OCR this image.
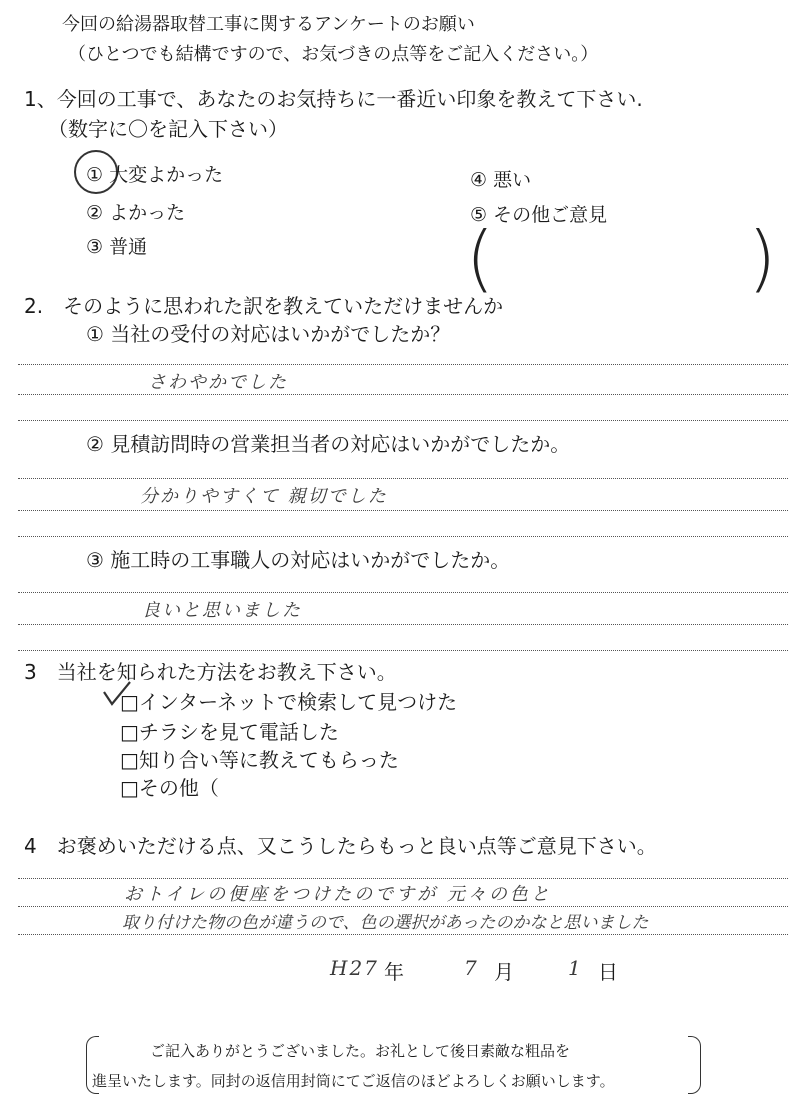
今回の給湯器取替工事に関するアンケートのお願い
（ひとつでも結構ですので、お気づきの点等をご記入ください。）
1、今回の工事で、あなたのお気持ちに一番近い印象を教えて下さい.
（数字に〇を記入下さい）
① 大変よかった
② よかった
③ 普通
④ 悪い
⑤ その他ご意見
(	)
2.　そのように思われた訳を教えていただけませんか
① 当社の受付の対応はいかがでしたか？
さわやかでした
② 見積訪問時の営業担当者の対応はいかがでしたか。
分かりやすくて 親切でした
③ 施工時の工事職人の対応はいかがでしたか。
良いと思いました
3　当社を知られた方法をお教え下さい。
□インターネットで検索して見つけた
□チラシを見て電話した
□知り合い等に教えてもらった
□その他（
4　お褒めいただける点、又こうしたらもっと良い点等ご意見下さい。
おトイレの便座をつけたのですが 元々の色と
取り付けた物の色が違うので、色の選択があったのかなと思いました
H27 年	7 月	1 日
ご記入ありがとうございました。お礼として後日素敵な粗品を
進呈いたします。同封の返信用封筒にてご返信のほどよろしくお願いします。
